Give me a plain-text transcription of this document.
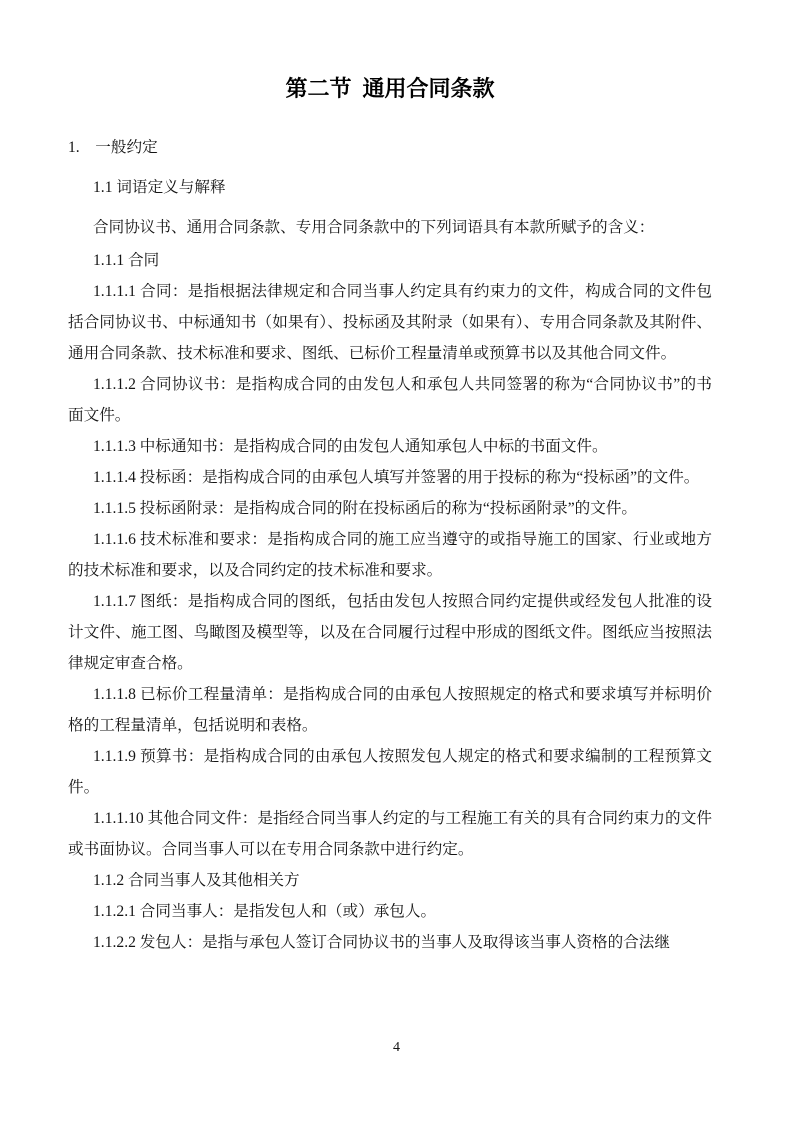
第二节 通用合同条款

1. 一般约定

1.1 词语定义与解释

合同协议书、通用合同条款、专用合同条款中的下列词语具有本款所赋予的含义：

1.1.1 合同

1.1.1.1 合同：是指根据法律规定和合同当事人约定具有约束力的文件，构成合同的文件包括合同协议书、中标通知书（如果有）、投标函及其附录（如果有）、专用合同条款及其附件、通用合同条款、技术标准和要求、图纸、已标价工程量清单或预算书以及其他合同文件。

1.1.1.2 合同协议书：是指构成合同的由发包人和承包人共同签署的称为“合同协议书”的书面文件。

1.1.1.3 中标通知书：是指构成合同的由发包人通知承包人中标的书面文件。

1.1.1.4 投标函：是指构成合同的由承包人填写并签署的用于投标的称为“投标函”的文件。

1.1.1.5 投标函附录：是指构成合同的附在投标函后的称为“投标函附录”的文件。

1.1.1.6 技术标准和要求：是指构成合同的施工应当遵守的或指导施工的国家、行业或地方的技术标准和要求，以及合同约定的技术标准和要求。

1.1.1.7 图纸：是指构成合同的图纸，包括由发包人按照合同约定提供或经发包人批准的设计文件、施工图、鸟瞰图及模型等，以及在合同履行过程中形成的图纸文件。图纸应当按照法律规定审查合格。

1.1.1.8 已标价工程量清单：是指构成合同的由承包人按照规定的格式和要求填写并标明价格的工程量清单，包括说明和表格。

1.1.1.9 预算书：是指构成合同的由承包人按照发包人规定的格式和要求编制的工程预算文件。

1.1.1.10 其他合同文件：是指经合同当事人约定的与工程施工有关的具有合同约束力的文件或书面协议。合同当事人可以在专用合同条款中进行约定。

1.1.2 合同当事人及其他相关方

1.1.2.1 合同当事人：是指发包人和（或）承包人。

1.1.2.2 发包人：是指与承包人签订合同协议书的当事人及取得该当事人资格的合法继

4
